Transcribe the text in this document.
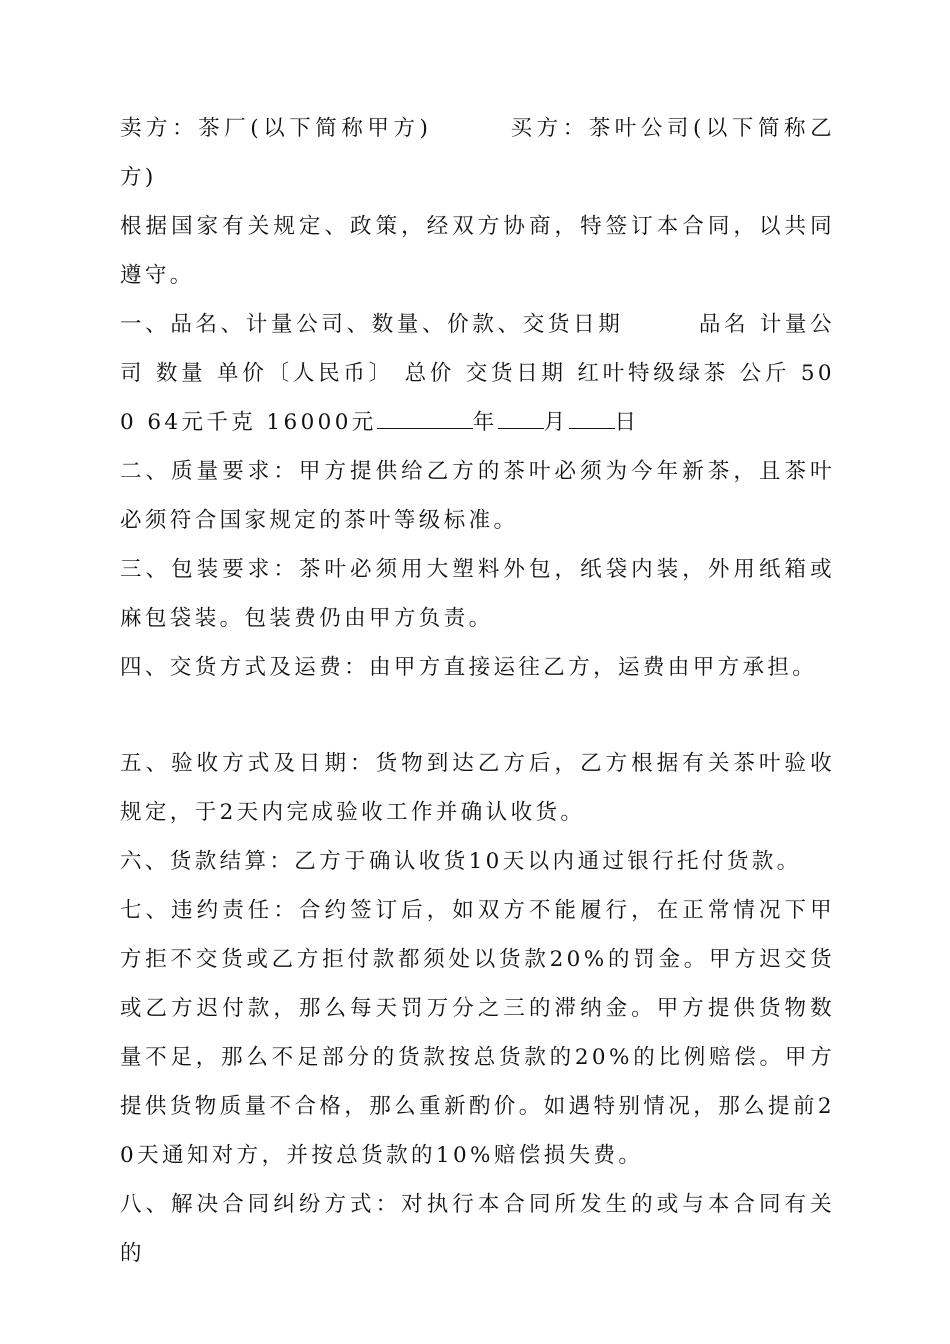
卖方：茶厂(以下简称甲方)　　　买方：茶叶公司(以下简称乙方)

根据国家有关规定、政策，经双方协商，特签订本合同，以共同遵守。

一、品名、计量公司、数量、价款、交货日期　　　品名 计量公司 数量 单价〔人民币〕 总价 交货日期 红叶特级绿茶 公斤 500 64元千克 16000元	年 月 日

二、质量要求：甲方提供给乙方的茶叶必须为今年新茶，且茶叶必须符合国家规定的茶叶等级标准。

三、包装要求：茶叶必须用大塑料外包，纸袋内装，外用纸箱或麻包袋装。包装费仍由甲方负责。

四、交货方式及运费：由甲方直接运往乙方，运费由甲方承担。

五、验收方式及日期：货物到达乙方后，乙方根据有关茶叶验收规定，于2天内完成验收工作并确认收货。

六、货款结算：乙方于确认收货10天以内通过银行托付货款。

七、违约责任：合约签订后，如双方不能履行，在正常情况下甲方拒不交货或乙方拒付款都须处以货款20%的罚金。甲方迟交货或乙方迟付款，那么每天罚万分之三的滞纳金。甲方提供货物数量不足，那么不足部分的货款按总货款的20%的比例赔偿。甲方提供货物质量不合格，那么重新酌价。如遇特别情况，那么提前20天通知对方，并按总货款的10%赔偿损失费。

八、解决合同纠纷方式：对执行本合同所发生的或与本合同有关的
